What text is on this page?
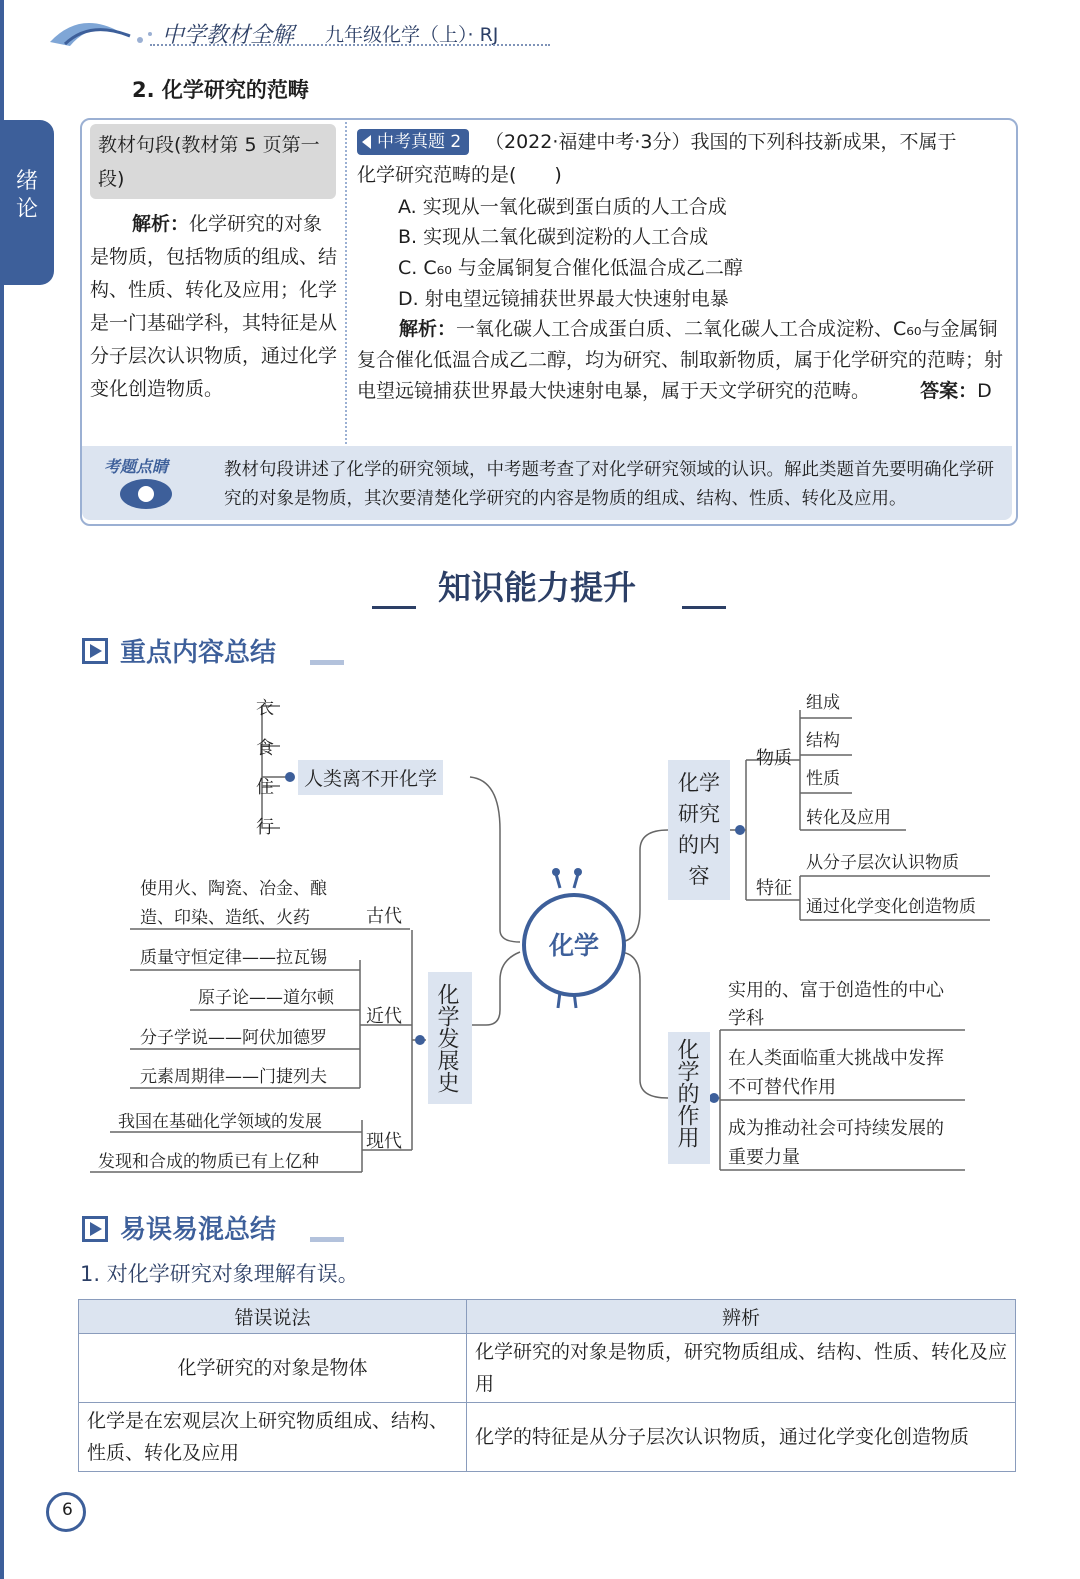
中学教材全解 九年级化学（上）· RJ
绪论
2. 化学研究的范畴
教材句段(教材第 5 页第一段)
解析：化学研究的对象是物质，包括物质的组成、结构、性质、转化及应用；化学是一门基础学科，其特征是从分子层次认识物质，通过化学变化创造物质。
中考真题 2	（2022·福建中考·3分）我国的下列科技新成果，不属于
化学研究范畴的是(　　)
A. 实现从一氧化碳到蛋白质的人工合成
B. 实现从二氧化碳到淀粉的人工合成
C. C₆₀ 与金属铜复合催化低温合成乙二醇
D. 射电望远镜捕获世界最大快速射电暴
解析：一氧化碳人工合成蛋白质、二氧化碳人工合成淀粉、C₆₀与金属铜复合催化低温合成乙二醇，均为研究、制取新物质，属于化学研究的范畴；射电望远镜捕获世界最大快速射电暴，属于天文学研究的范畴。	答案：D
考题点睛	教材句段讲述了化学的研究领域，中考题考查了对化学研究领域的认识。解此类题首先要明确化学研究的对象是物质，其次要清楚化学研究的内容是物质的组成、结构、性质、转化及应用。
知识能力提升
重点内容总结
化学
衣
食
住
行
人类离不开化学	化学研究的内容
物质
组成
结构
性质
转化及应用
特征
从分子层次认识物质
通过化学变化创造物质
化学发展史
使用火、陶瓷、冶金、酿
造、印染、造纸、火药	古代
质量守恒定律——拉瓦锡
原子论——道尔顿
分子学说——阿伏加德罗
元素周期律——门捷列夫
近代
我国在基础化学领域的发展
发现和合成的物质已有上亿种
现代	化学的作用
实用的、富于创造性的中心
学科
在人类面临重大挑战中发挥
不可替代作用
成为推动社会可持续发展的
重要力量
易误易混总结
1. 对化学研究对象理解有误。
错误说法	辨析
化学研究的对象是物体	化学研究的对象是物质，研究物质组成、结构、性质、转化及应用
化学是在宏观层次上研究物质组成、结构、性质、转化及应用	化学的特征是从分子层次认识物质，通过化学变化创造物质
6
